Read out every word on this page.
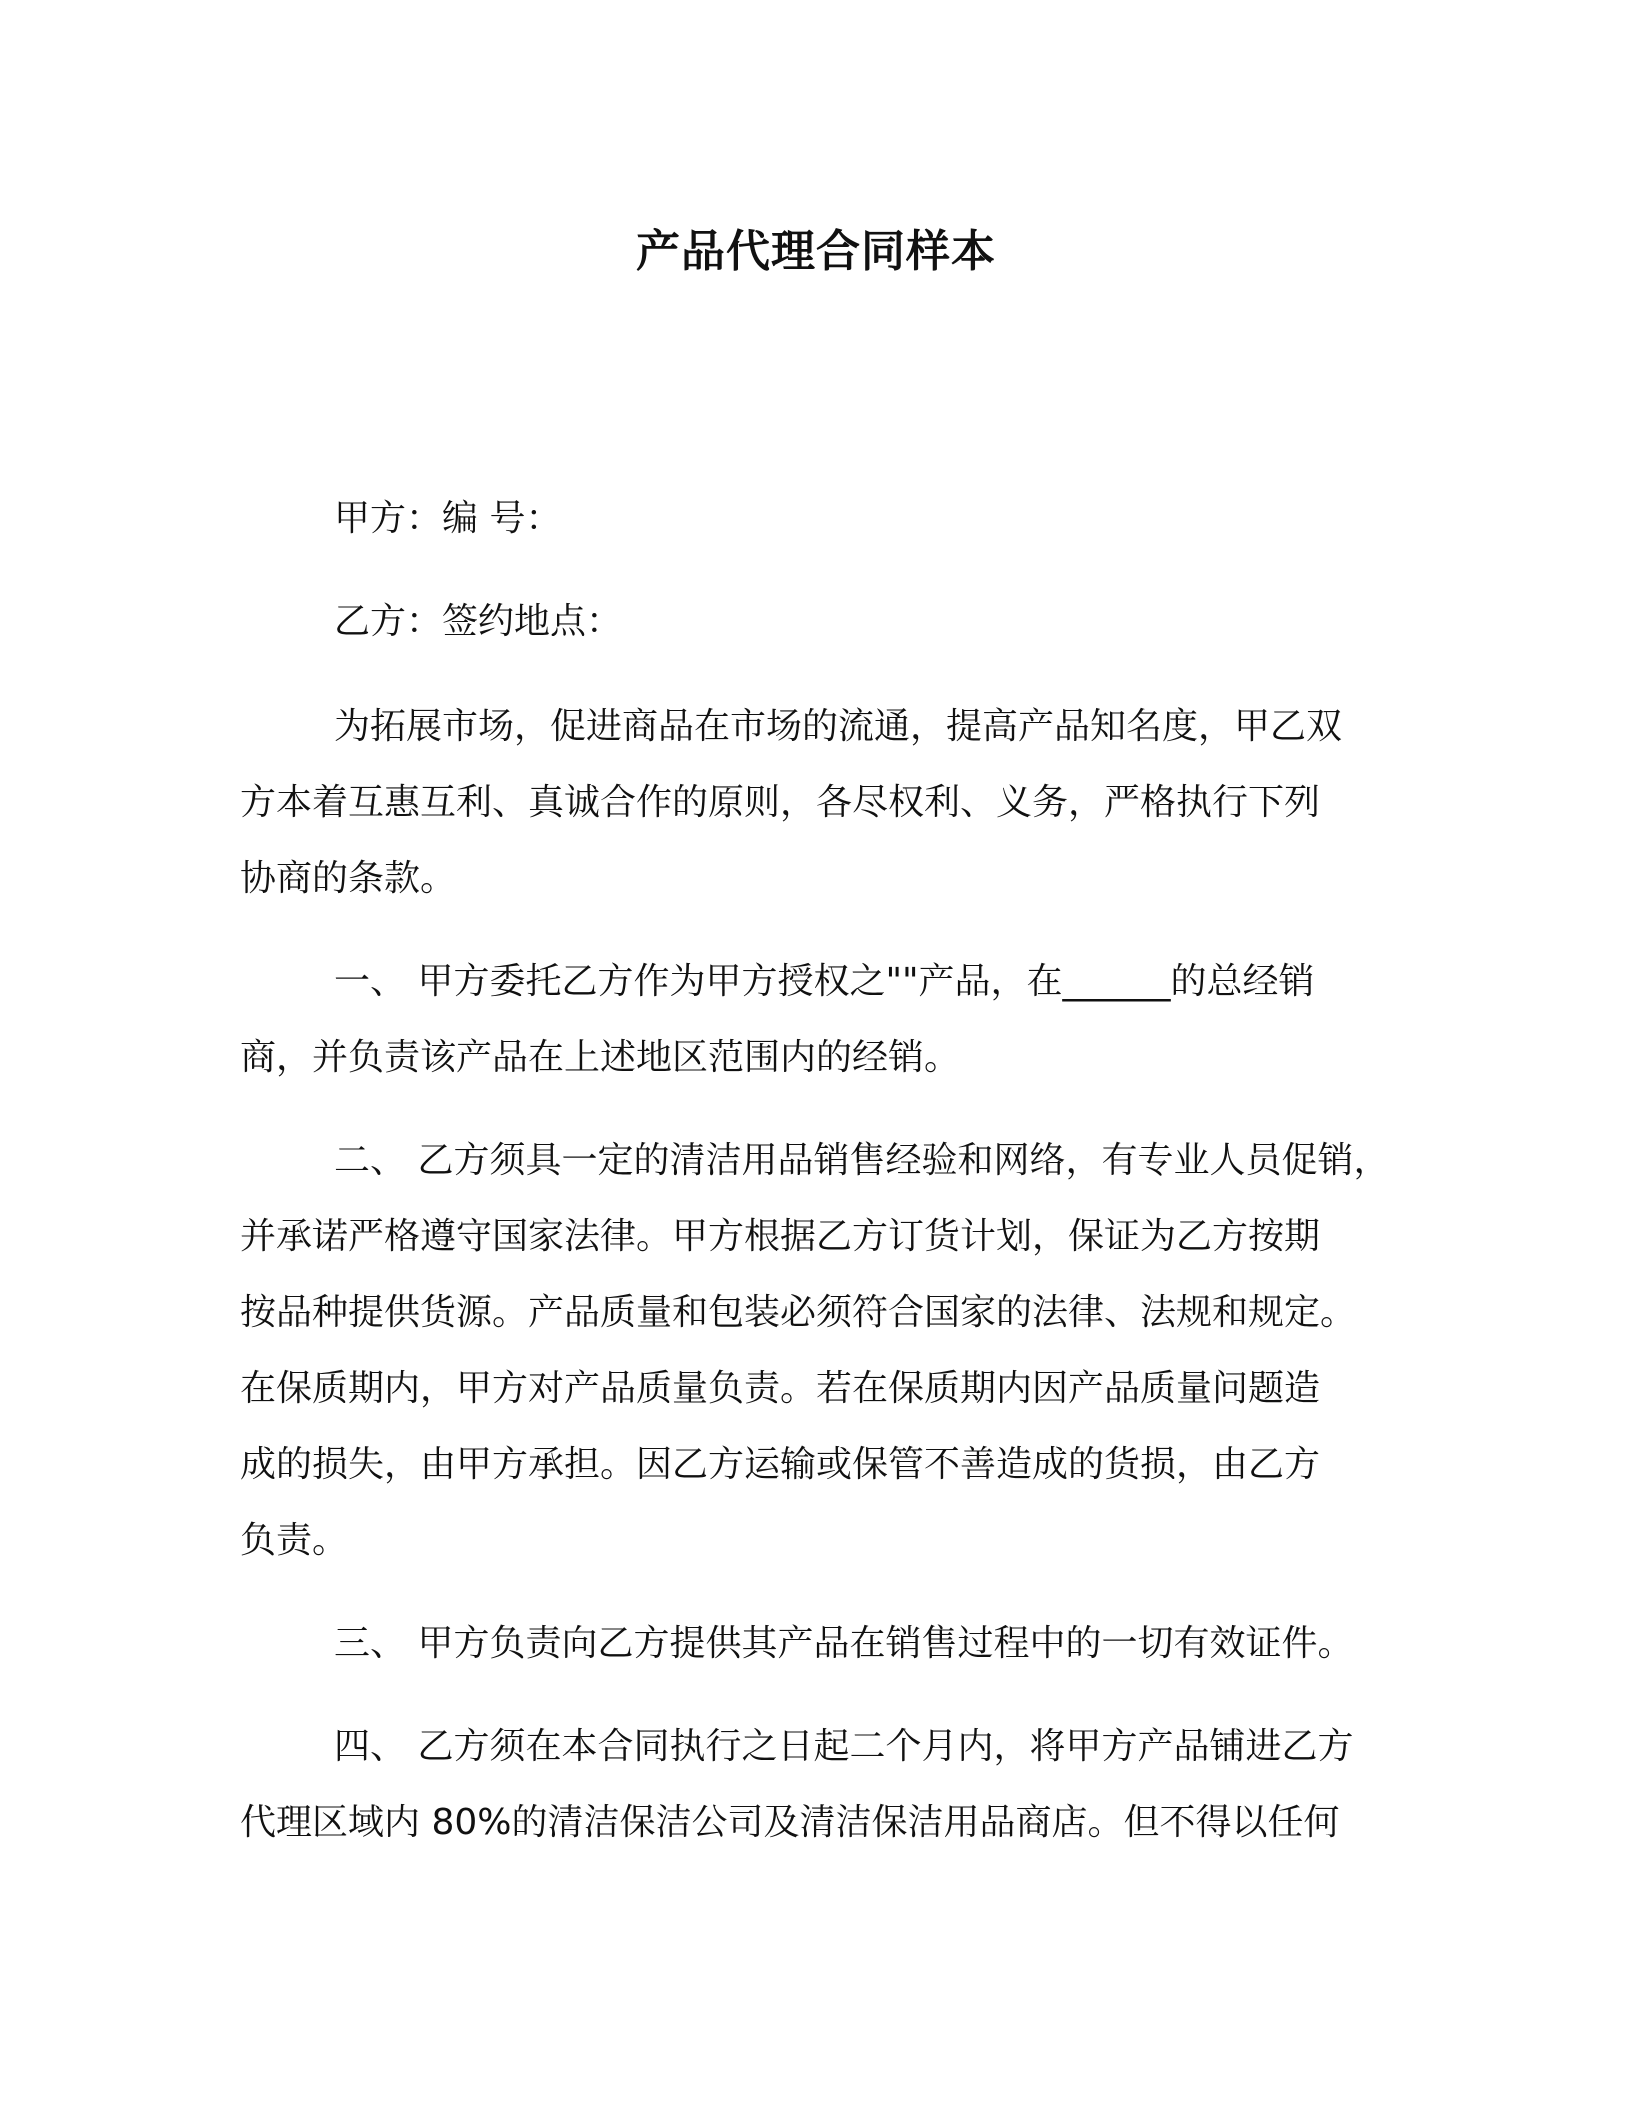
产品代理合同样本
甲方：编 号：
乙方：签约地点：
为拓展市场，促进商品在市场的流通，提高产品知名度，甲乙双
方本着互惠互利、真诚合作的原则，各尽权利、义务，严格执行下列
协商的条款。
一、 甲方委托乙方作为甲方授权之""产品，在______的总经销
商，并负责该产品在上述地区范围内的经销。
二、 乙方须具一定的清洁用品销售经验和网络，有专业人员促销，
并承诺严格遵守国家法律。甲方根据乙方订货计划，保证为乙方按期
按品种提供货源。产品质量和包装必须符合国家的法律、法规和规定。
在保质期内，甲方对产品质量负责。若在保质期内因产品质量问题造
成的损失，由甲方承担。因乙方运输或保管不善造成的货损，由乙方
负责。
三、 甲方负责向乙方提供其产品在销售过程中的一切有效证件。
四、 乙方须在本合同执行之日起二个月内，将甲方产品铺进乙方
代理区域内 80%的清洁保洁公司及清洁保洁用品商店。但不得以任何
